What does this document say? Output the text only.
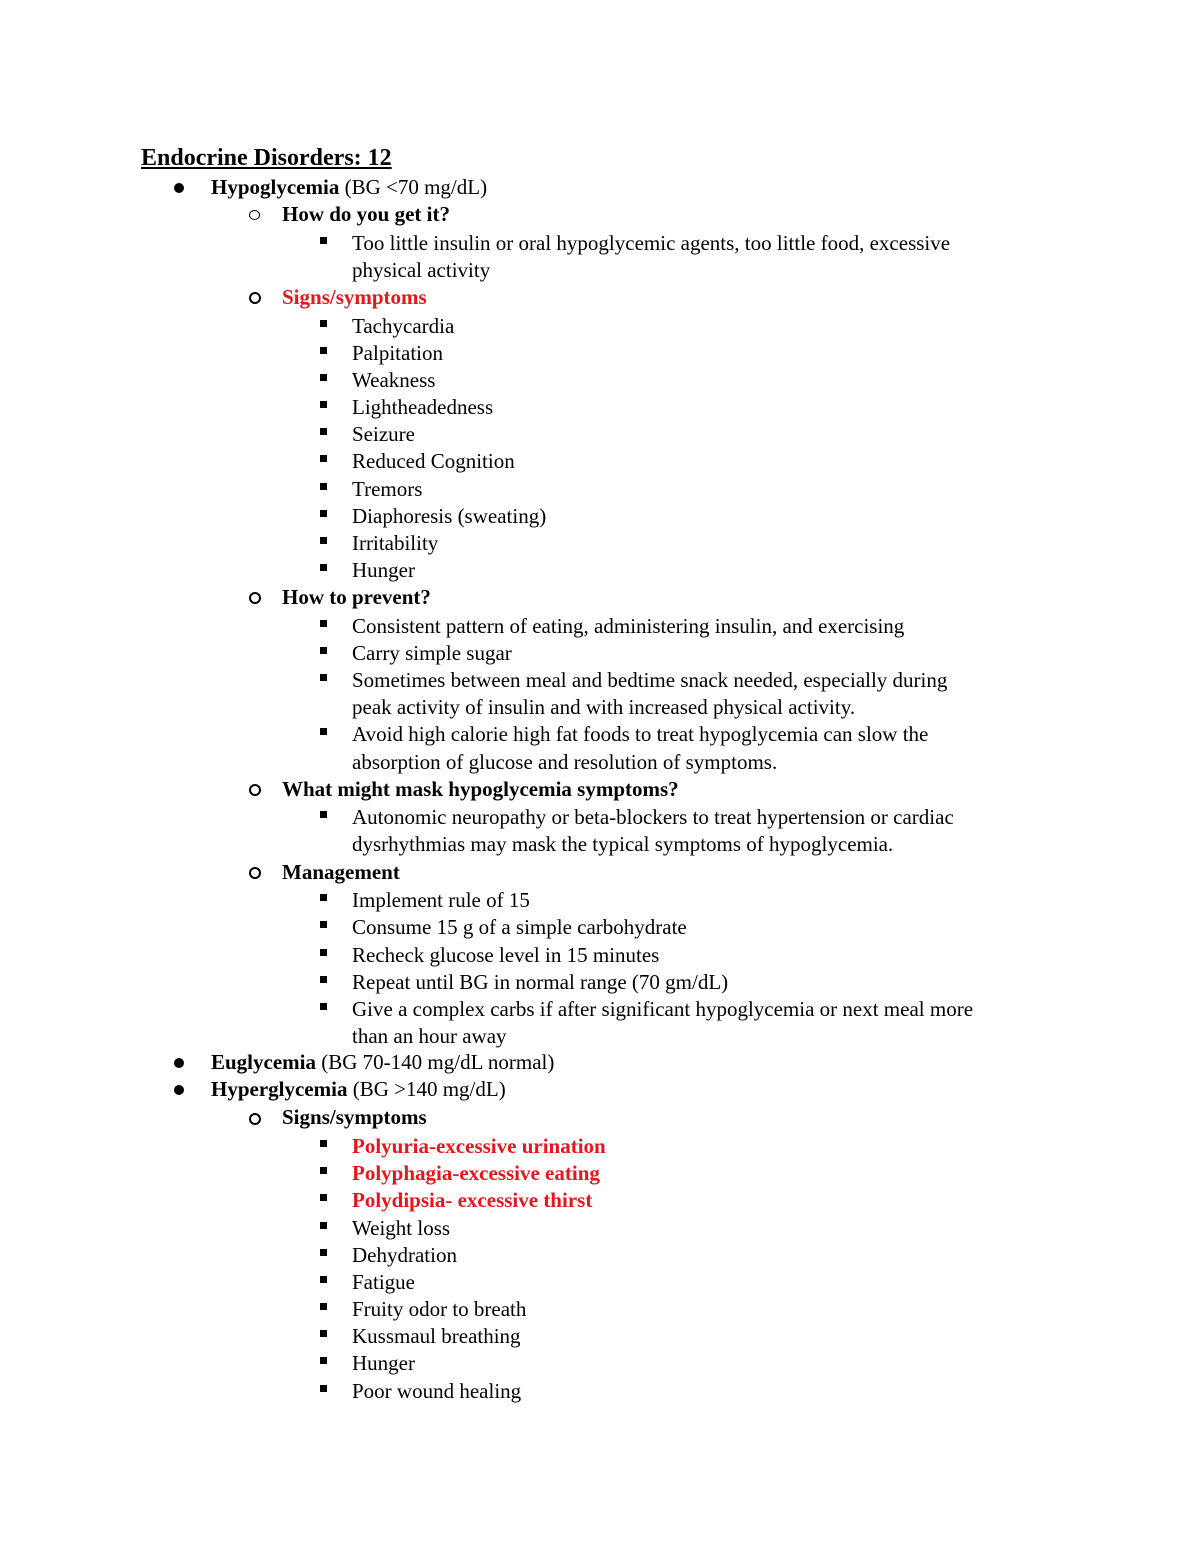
Endocrine Disorders: 12
Hypoglycemia (BG <70 mg/dL)
How do you get it?
Too little insulin or oral hypoglycemic agents, too little food, excessive
physical activity
Signs/symptoms
Tachycardia
Palpitation
Weakness
Lightheadedness
Seizure
Reduced Cognition
Tremors
Diaphoresis (sweating)
Irritability
Hunger
How to prevent?
Consistent pattern of eating, administering insulin, and exercising
Carry simple sugar
Sometimes between meal and bedtime snack needed, especially during
peak activity of insulin and with increased physical activity.
Avoid high calorie high fat foods to treat hypoglycemia can slow the
absorption of glucose and resolution of symptoms.
What might mask hypoglycemia symptoms?
Autonomic neuropathy or beta-blockers to treat hypertension or cardiac
dysrhythmias may mask the typical symptoms of hypoglycemia.
Management
Implement rule of 15
Consume 15 g of a simple carbohydrate
Recheck glucose level in 15 minutes
Repeat until BG in normal range (70 gm/dL)
Give a complex carbs if after significant hypoglycemia or next meal more
than an hour away
Euglycemia (BG 70-140 mg/dL normal)
Hyperglycemia (BG >140 mg/dL)
Signs/symptoms
Polyuria-excessive urination
Polyphagia-excessive eating
Polydipsia- excessive thirst
Weight loss
Dehydration
Fatigue
Fruity odor to breath
Kussmaul breathing
Hunger
Poor wound healing
